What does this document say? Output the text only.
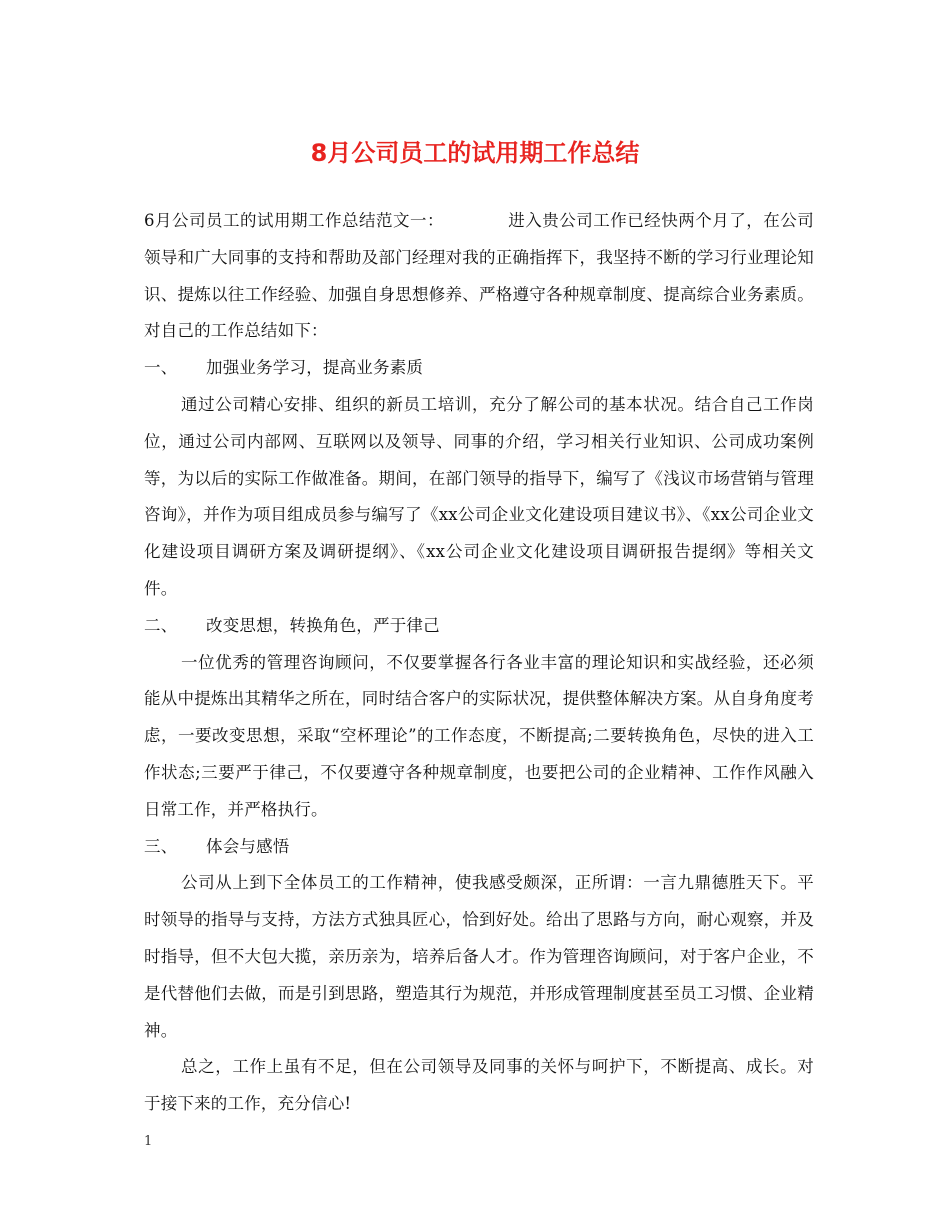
8月公司员工的试用期工作总结

6月公司员工的试用期工作总结范文一：	进入贵公司工作已经快两个月了，在公司领导和广大同事的支持和帮助及部门经理对我的正确指挥下，我坚持不断的学习行业理论知识、提炼以往工作经验、加强自身思想修养、严格遵守各种规章制度、提高综合业务素质。对自己的工作总结如下：

一、 加强业务学习，提高业务素质

通过公司精心安排、组织的新员工培训，充分了解公司的基本状况。结合自己工作岗位，通过公司内部网、互联网以及领导、同事的介绍，学习相关行业知识、公司成功案例等，为以后的实际工作做准备。期间，在部门领导的指导下，编写了《浅议市场营销与管理咨询》，并作为项目组成员参与编写了《xx公司企业文化建设项目建议书》、《xx公司企业文化建设项目调研方案及调研提纲》、《xx公司企业文化建设项目调研报告提纲》等相关文件。

二、 改变思想，转换角色，严于律己

一位优秀的管理咨询顾问，不仅要掌握各行各业丰富的理论知识和实战经验，还必须能从中提炼出其精华之所在，同时结合客户的实际状况，提供整体解决方案。从自身角度考虑，一要改变思想，采取“空杯理论”的工作态度，不断提高;二要转换角色，尽快的进入工作状态;三要严于律己，不仅要遵守各种规章制度，也要把公司的企业精神、工作作风融入日常工作，并严格执行。

三、 体会与感悟

公司从上到下全体员工的工作精神，使我感受颇深，正所谓：一言九鼎德胜天下。平时领导的指导与支持，方法方式独具匠心，恰到好处。给出了思路与方向，耐心观察，并及时指导，但不大包大揽，亲历亲为，培养后备人才。作为管理咨询顾问，对于客户企业，不是代替他们去做，而是引到思路，塑造其行为规范，并形成管理制度甚至员工习惯、企业精神。

总之，工作上虽有不足，但在公司领导及同事的关怀与呵护下，不断提高、成长。对于接下来的工作，充分信心!

1
